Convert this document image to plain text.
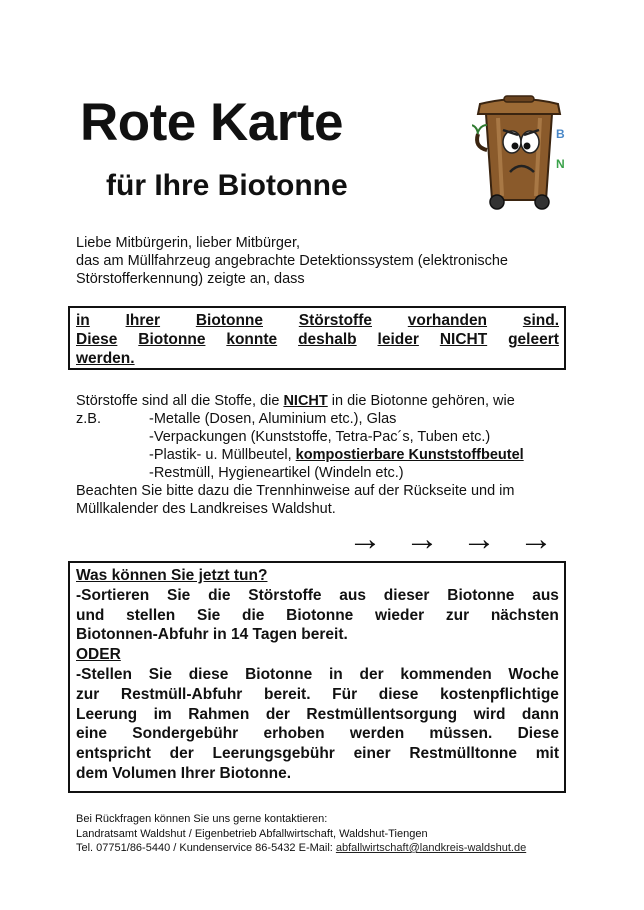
Rote Karte
für Ihre Biotonne
B
N
Liebe Mitbürgerin, lieber Mitbürger,
das am Müllfahrzeug angebrachte Detektionssystem (elektronische
Störstofferkennung) zeigte an, dass
in Ihrer Biotonne Störstoffe vorhanden sind.
Diese Biotonne konnte deshalb leider NICHT geleert
werden.
Störstoffe sind all die Stoffe, die NICHT in die Biotonne gehören, wie
z.B.	-Metalle (Dosen, Aluminium etc.), Glas
-Verpackungen (Kunststoffe, Tetra-Pac´s, Tuben etc.)
-Plastik- u. Müllbeutel, kompostierbare Kunststoffbeutel
-Restmüll, Hygieneartikel (Windeln etc.)
Beachten Sie bitte dazu die Trennhinweise auf der Rückseite und im
Müllkalender des Landkreises Waldshut.
→ → → →
Was können Sie jetzt tun?
-Sortieren Sie die Störstoffe aus dieser Biotonne aus
und stellen Sie die Biotonne wieder zur nächsten
Biotonnen-Abfuhr in 14 Tagen bereit.
ODER
-Stellen Sie diese Biotonne in der kommenden Woche
zur Restmüll-Abfuhr bereit. Für diese kostenpflichtige
Leerung im Rahmen der Restmüllentsorgung wird dann
eine Sondergebühr erhoben werden müssen. Diese
entspricht der Leerungsgebühr einer Restmülltonne mit
dem Volumen Ihrer Biotonne.
Bei Rückfragen können Sie uns gerne kontaktieren:
Landratsamt Waldshut / Eigenbetrieb Abfallwirtschaft, Waldshut-Tiengen
Tel. 07751/86-5440 / Kundenservice 86-5432 E-Mail: abfallwirtschaft@landkreis-waldshut.de
